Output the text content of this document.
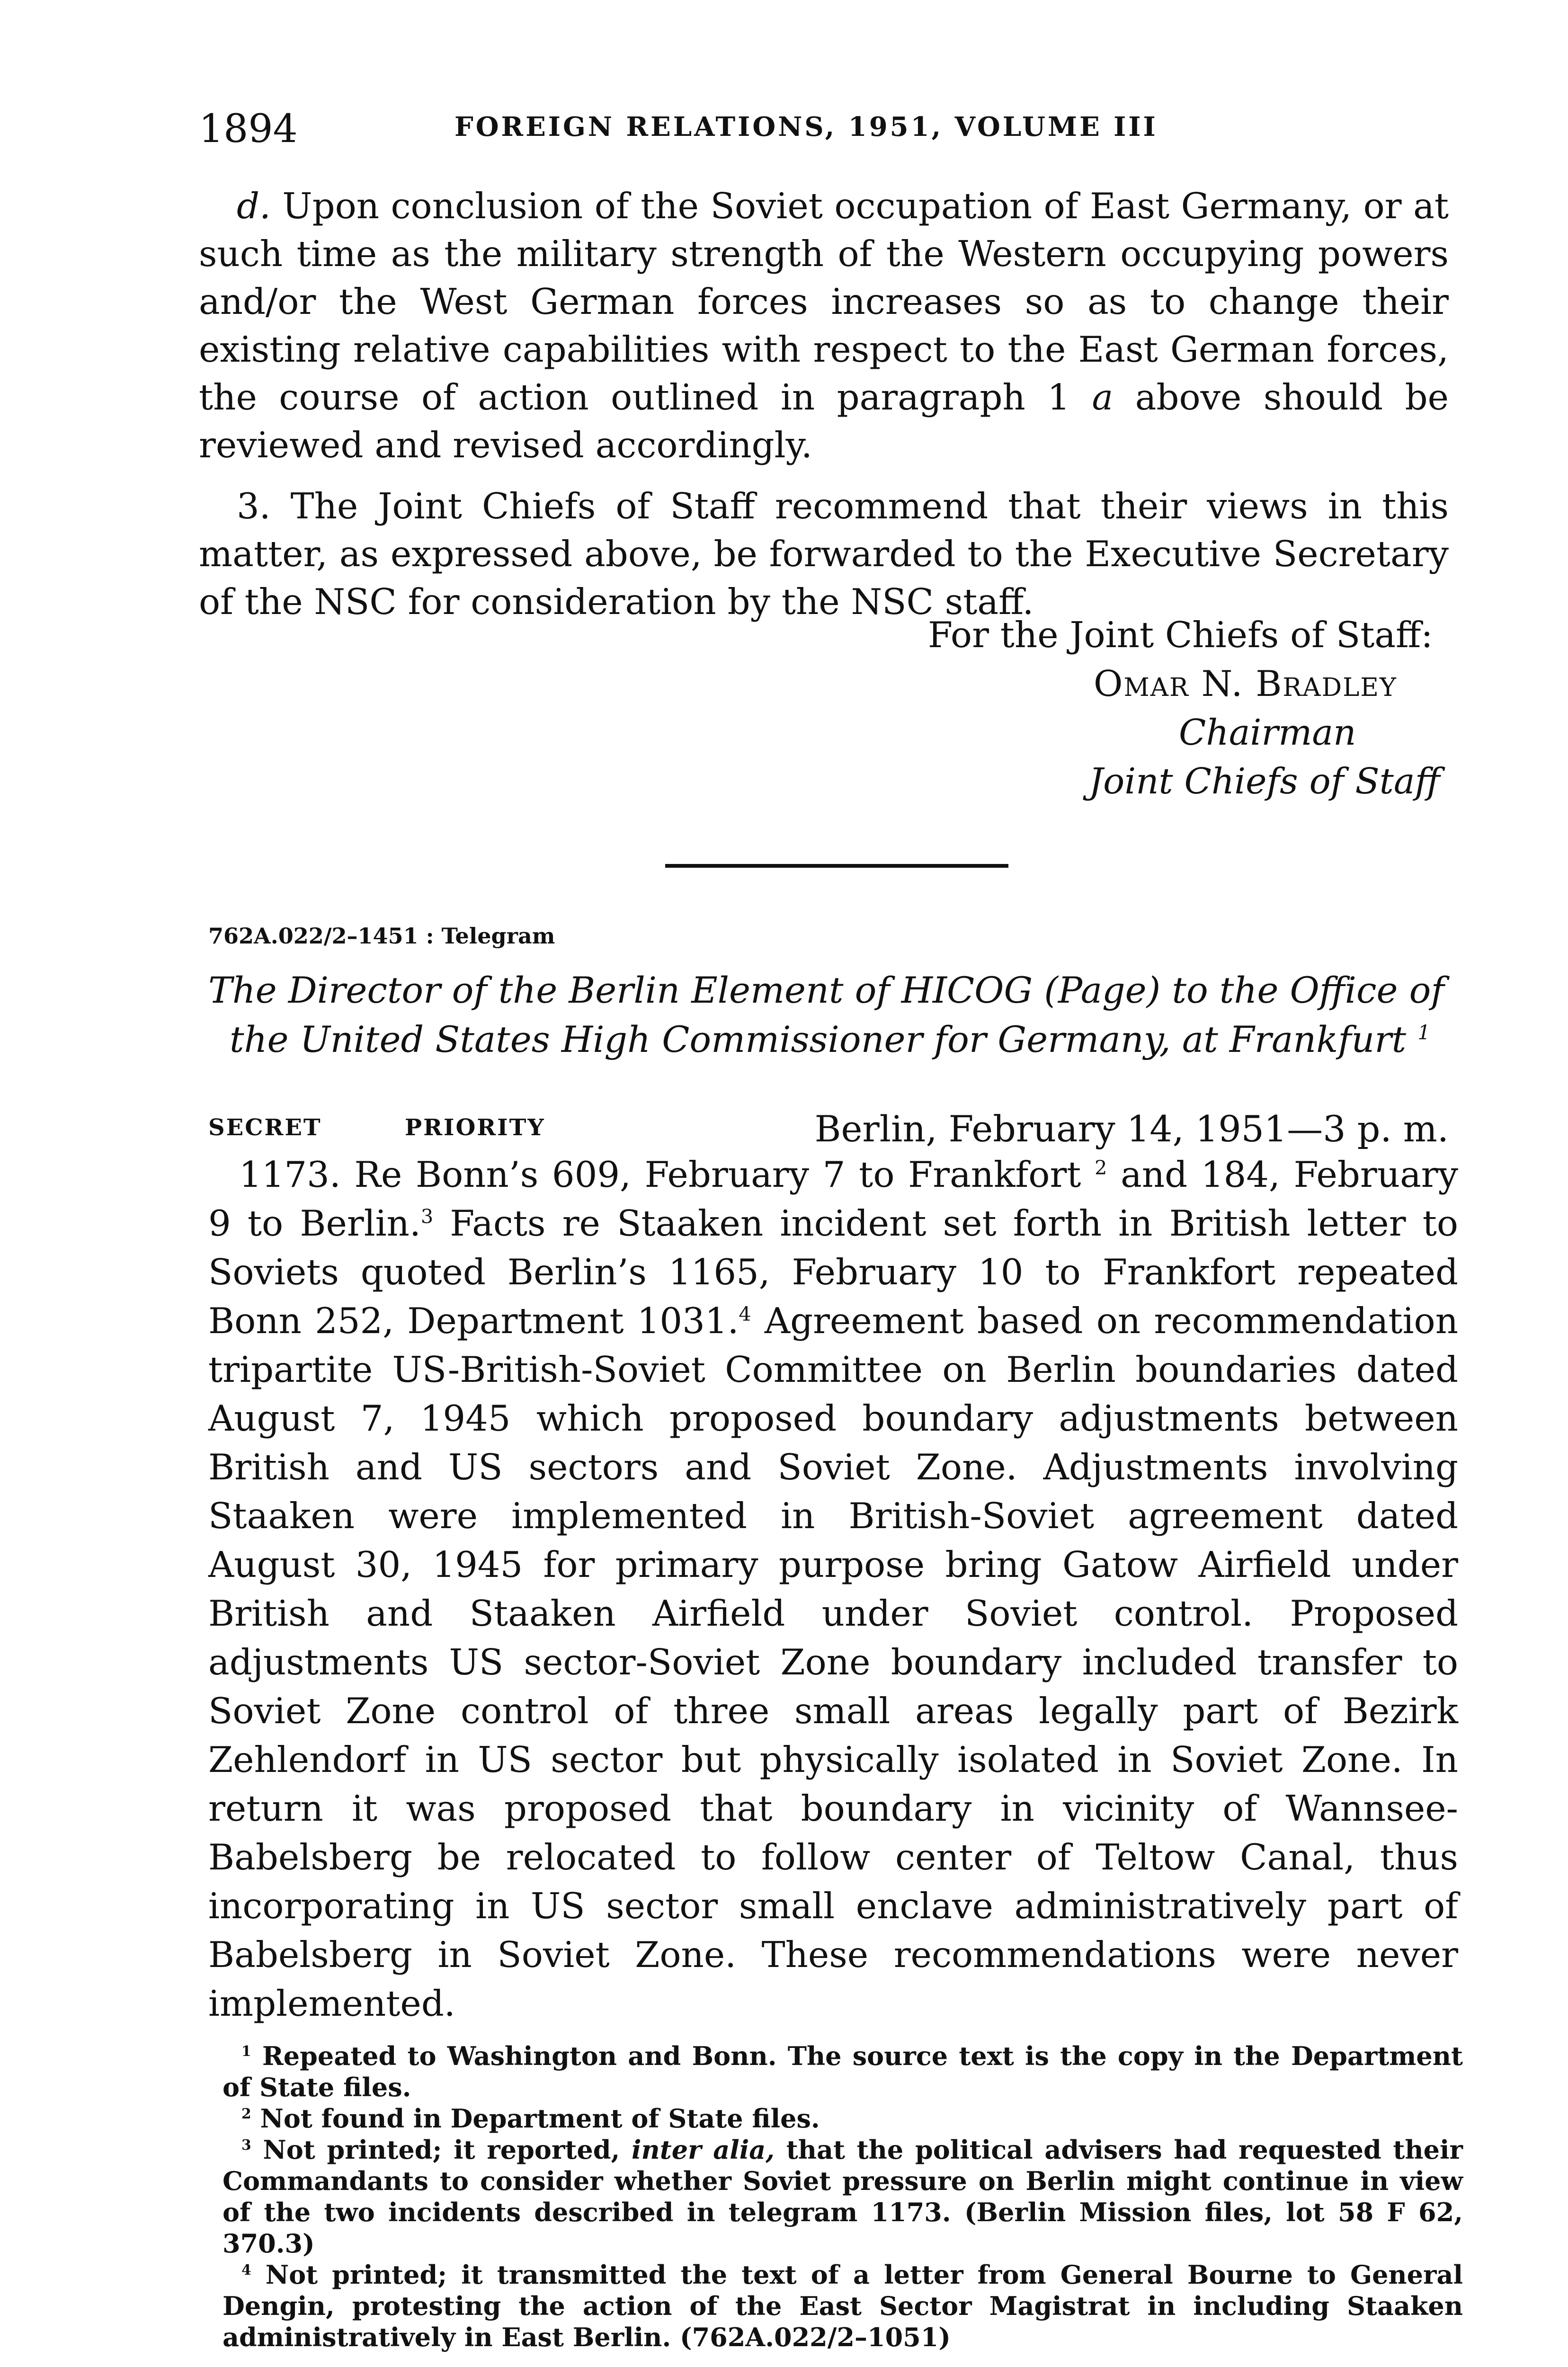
1894	FOREIGN RELATIONS, 1951, VOLUME III

d. Upon conclusion of the Soviet occupation of East Germany, or at such time as the military strength of the Western occupying powers and/or the West German forces increases so as to change their existing relative capabilities with respect to the East German forces, the course of action outlined in paragraph 1 a above should be reviewed and revised accordingly.

3. The Joint Chiefs of Staff recommend that their views in this matter, as expressed above, be forwarded to the Executive Secretary of the NSC for consideration by the NSC staff.

For the Joint Chiefs of Staff:
Omar N. Bradley
Chairman
Joint Chiefs of Staff
762A.022/2–1451 : Telegram
The Director of the Berlin Element of HICOG (Page) to the Office of
the United States High Commissioner for Germany, at Frankfurt $^1$
SECRET	PRIORITY	Berlin, February 14, 1951—3 p. m.

1173. Re Bonn’s 609, February 7 to Frankfort $^2$ and 184, February 9 to Berlin.$^3$ Facts re Staaken incident set forth in British letter to Soviets quoted Berlin’s 1165, February 10 to Frankfort repeated Bonn 252, Department 1031.$^4$ Agreement based on recommendation tripartite US-British-Soviet Committee on Berlin boundaries dated August 7, 1945 which proposed boundary adjustments between British and US sectors and Soviet Zone. Adjustments involving Staaken were implemented in British-Soviet agreement dated August 30, 1945 for primary purpose bring Gatow Airfield under British and Staaken Airfield under Soviet control. Proposed adjustments US sector-Soviet Zone boundary included transfer to Soviet Zone control of three small areas legally part of Bezirk Zehlendorf in US sector but physically isolated in Soviet Zone. In return it was proposed that boundary in vicinity of Wannsee-Babelsberg be relocated to follow center of Teltow Canal, thus incorporating in US sector small enclave administratively part of Babelsberg in Soviet Zone. These recommendations were never implemented.

$^1$ Repeated to Washington and Bonn. The source text is the copy in the Department of State files.

$^2$ Not found in Department of State files.

$^3$ Not printed; it reported, inter alia, that the political advisers had requested their Commandants to consider whether Soviet pressure on Berlin might continue in view of the two incidents described in telegram 1173. (Berlin Mission files, lot 58 F 62, 370.3)

$^4$ Not printed; it transmitted the text of a letter from General Bourne to General Dengin, protesting the action of the East Sector Magistrat in including Staaken administratively in East Berlin. (762A.022/2–1051)
